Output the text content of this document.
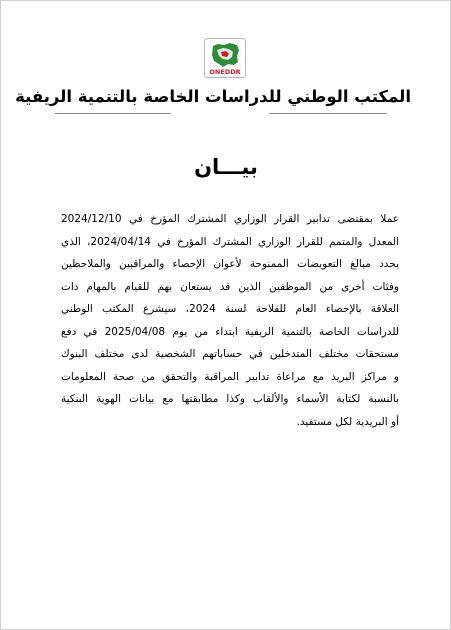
ONEDDR
المكتب الوطني للدراسات الخاصة بالتنمية الريفية
بيـــان
عملا بمقتضى تدابير القرار الوزاري المشترك المؤرخ في 2024/12/10
المعدل والمتمم للقرار الوزاري المشترك المؤرخ في 2024/04/14، الذي
يحدد مبالغ التعويضات الممنوحة لأعوان الإحصاء والمراقبين والملاحظين
وفئات أخرى من الموظفين الذين قد يستعان بهم للقيام بالمهام ذات
العلاقة بالإحصاء العام للفلاحة لسنة 2024، سيشرع المكتب الوطني
للدراسات الخاصة بالتنمية الريفية ابتداء من يوم 2025/04/08 في دفع
مستحقات مختلف المتدخلين في حساباتهم الشخصية لدى مختلف البنوك
و مراكز البريد مع مراعاة تدابير المراقبة والتحقق من صحة المعلومات
بالنسبة لكتابة الأسماء والألقاب وكذا مطابقتها مع بيانات الهوية البنكية
أو البريدية لكل مستفيد.
